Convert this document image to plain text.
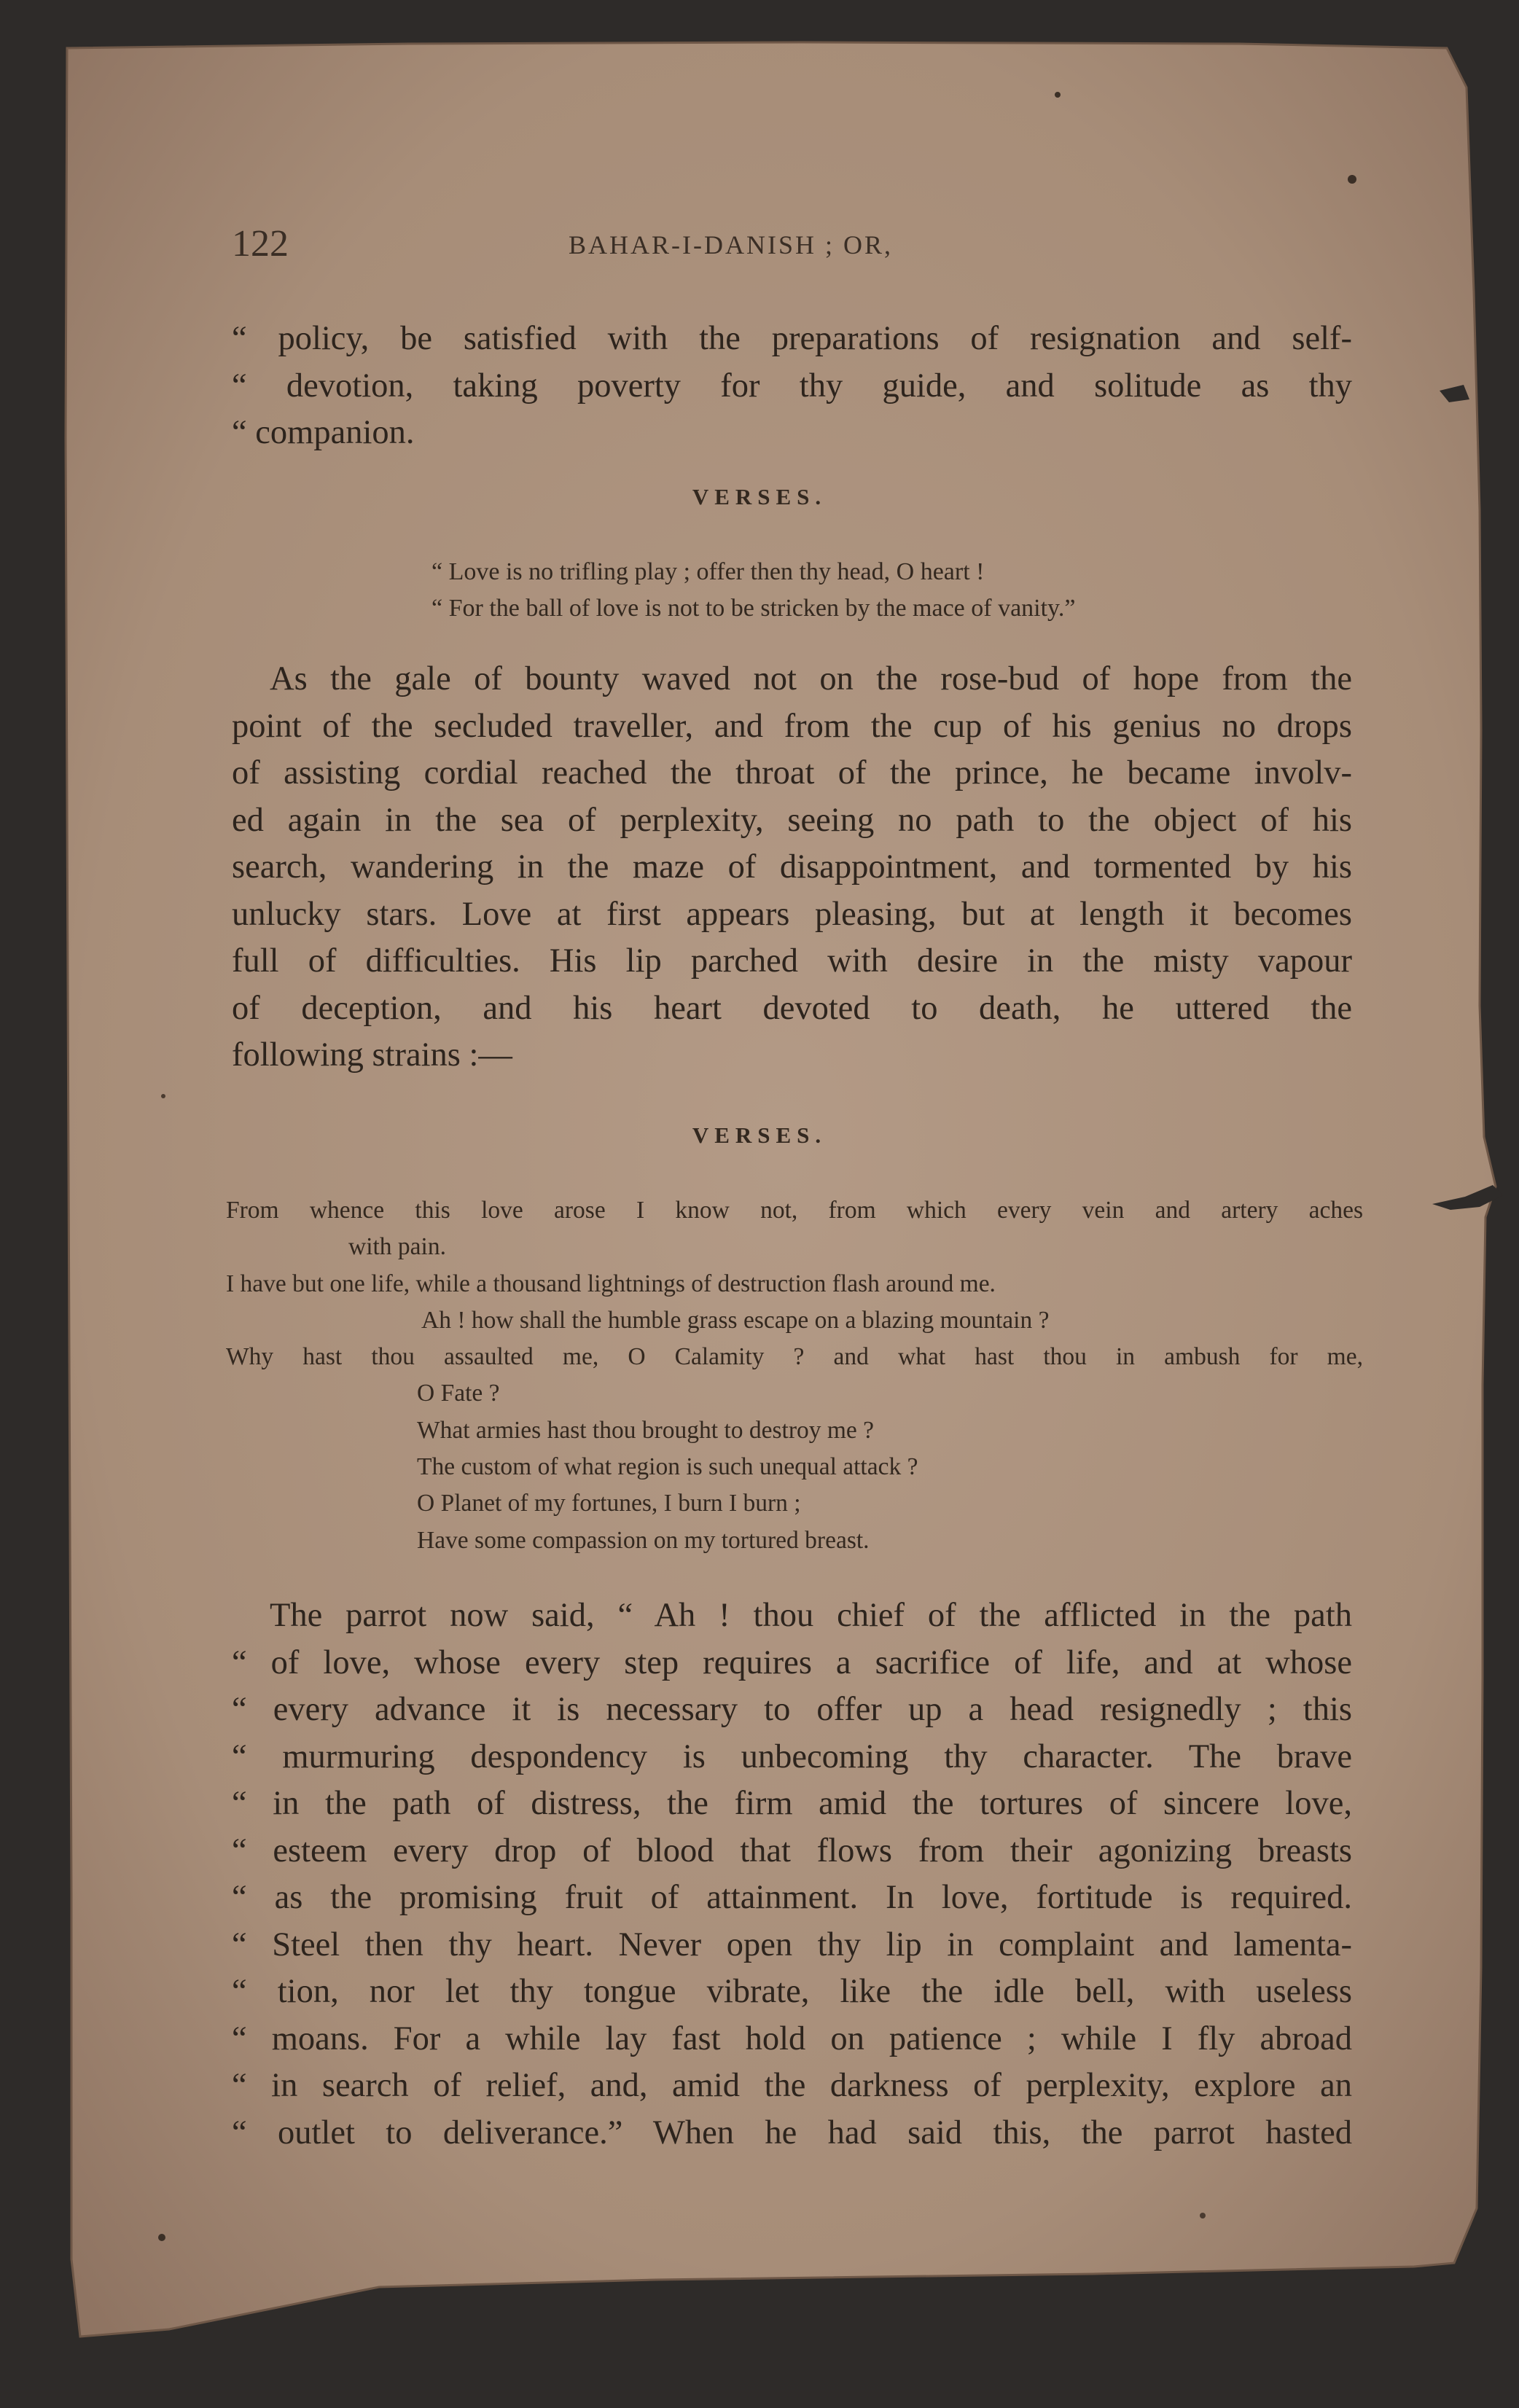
122	BAHAR-I-DANISH ; OR,
“ policy, be satisfied with the preparations of resignation and self-
“ devotion, taking poverty for thy guide, and solitude as thy
“ companion.
VERSES.
“ Love is no trifling play ; offer then thy head, O heart !
“ For the ball of love is not to be stricken by the mace of vanity.”
As the gale of bounty waved not on the rose-bud of hope from the
point of the secluded traveller, and from the cup of his genius no drops
of assisting cordial reached the throat of the prince, he became involv-
ed again in the sea of perplexity, seeing no path to the object of his
search, wandering in the maze of disappointment, and tormented by his
unlucky stars. Love at first appears pleasing, but at length it becomes
full of difficulties. His lip parched with desire in the misty vapour
of deception, and his heart devoted to death, he uttered the
following strains :—
VERSES.
From whence this love arose I know not, from which every vein and artery aches
with pain.
I have but one life, while a thousand lightnings of destruction flash around me.
Ah ! how shall the humble grass escape on a blazing mountain ?
Why hast thou assaulted me, O Calamity ? and what hast thou in ambush for me,
O Fate ?
What armies hast thou brought to destroy me ?
The custom of what region is such unequal attack ?
O Planet of my fortunes, I burn I burn ;
Have some compassion on my tortured breast.
The parrot now said, “ Ah ! thou chief of the afflicted in the path
“ of love, whose every step requires a sacrifice of life, and at whose
“ every advance it is necessary to offer up a head resignedly ; this
“ murmuring despondency is unbecoming thy character. The brave
“ in the path of distress, the firm amid the tortures of sincere love,
“ esteem every drop of blood that flows from their agonizing breasts
“ as the promising fruit of attainment. In love, fortitude is required.
“ Steel then thy heart. Never open thy lip in complaint and lamenta-
“ tion, nor let thy tongue vibrate, like the idle bell, with useless
“ moans. For a while lay fast hold on patience ; while I fly abroad
“ in search of relief, and, amid the darkness of perplexity, explore an
“ outlet to deliverance.” When he had said this, the parrot hasted
